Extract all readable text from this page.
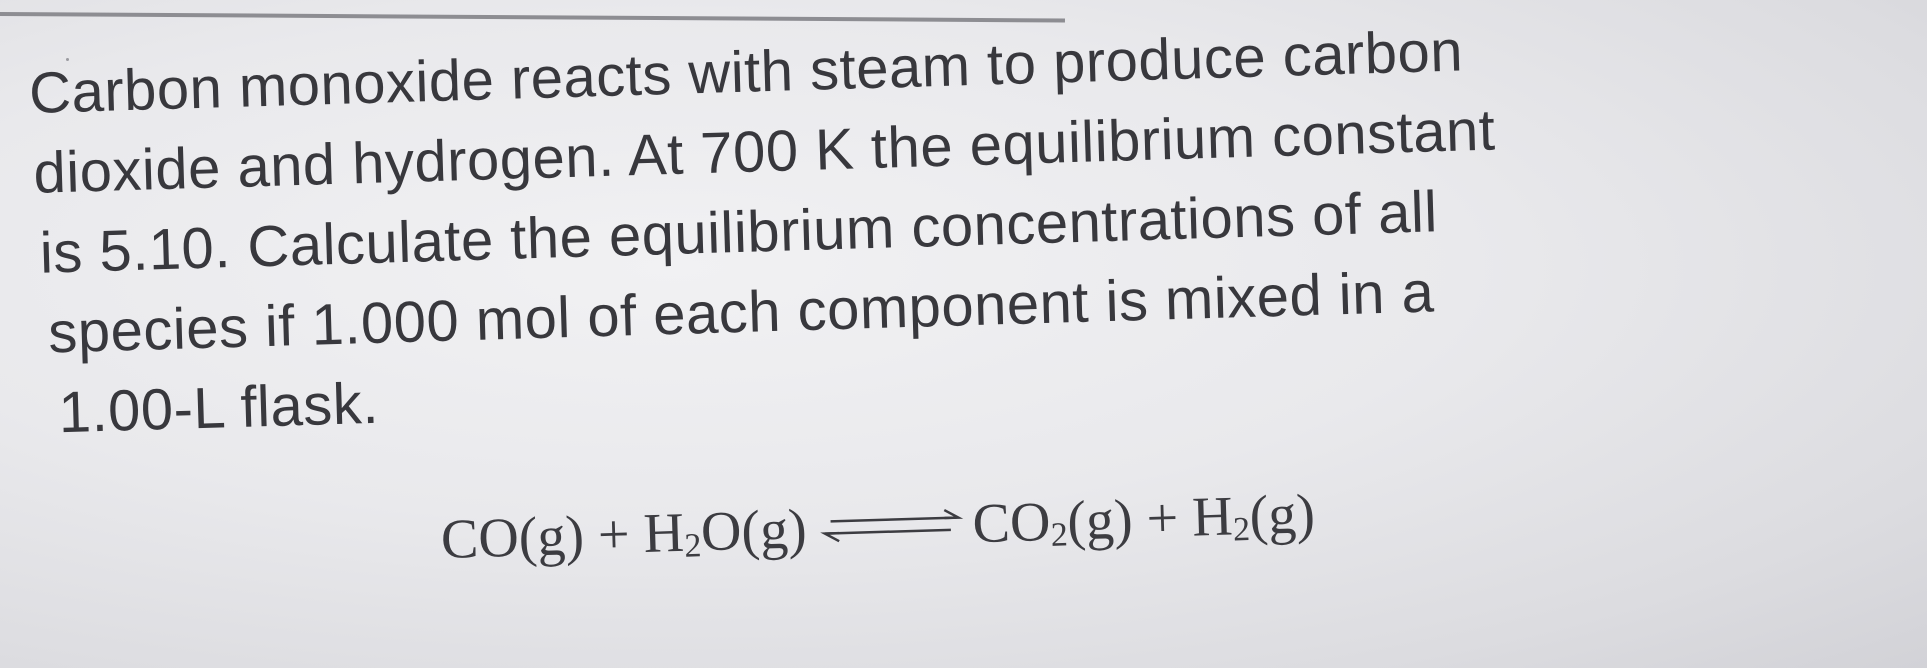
Carbon monoxide reacts with steam to produce carbon
dioxide and hydrogen. At 700 K the equilibrium constant
is 5.10. Calculate the equilibrium concentrations of all
species if 1.000 mol of each component is mixed in a
1.00-L flask.
$CO(g) + H_2O(g)$	$CO_2(g) + H_2(g)$
